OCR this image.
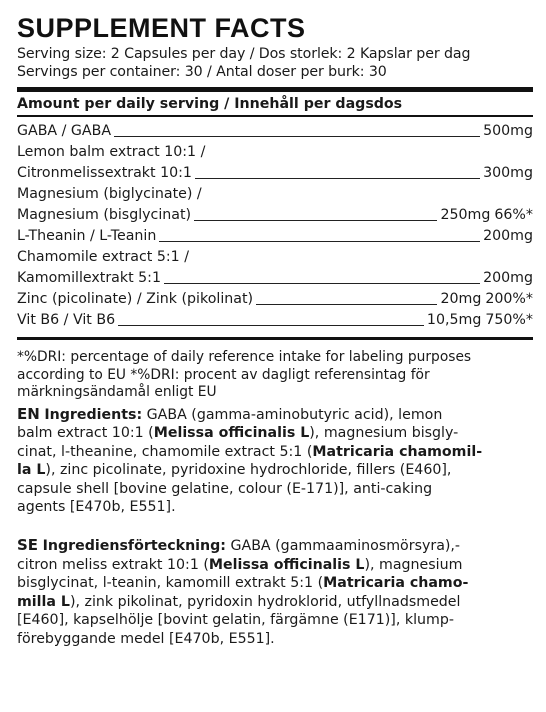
SUPPLEMENT FACTS
Serving size: 2 Capsules per day / Dos storlek: 2 Kapslar per dag
Servings per container: 30 / Antal doser per burk: 30
Amount per daily serving / Innehåll per dagsdos
GABA / GABA	500mg
Lemon balm extract 10:1 /
Citronmelissextrakt 10:1	300mg
Magnesium (biglycinate) /
Magnesium (bisglycinat)	250mg 66%*
L-Theanin / L-Teanin	200mg
Chamomile extract 5:1 /
Kamomillextrakt 5:1	200mg
Zinc (picolinate) / Zink (pikolinat)	20mg 200%*
Vit B6 / Vit B6	10,5mg 750%*
*%DRI: percentage of daily reference intake for labeling purposes according to EU *%DRI: procent av dagligt referensintag för märkningsändamål enligt EU
EN Ingredients: GABA (gamma-aminobutyric acid), lemon
balm extract 10:1 (Melissa officinalis L), magnesium bisgly-
cinat, l-theanine, chamomile extract 5:1 (Matricaria chamomil-
la L), zinc picolinate, pyridoxine hydrochloride, fillers (E460],
capsule shell [bovine gelatine, colour (E-171)], anti-caking
agents [E470b, E551].
SE Ingrediensförteckning: GABA (gammaaminosmörsyra),-
citron meliss extrakt 10:1 (Melissa officinalis L), magnesium
bisglycinat, l-teanin, kamomill extrakt 5:1 (Matricaria chamo-
milla L), zink pikolinat, pyridoxin hydroklorid, utfyllnadsmedel
[E460], kapselhölje [bovint gelatin, färgämne (E171)], klump-
förebyggande medel [E470b, E551].
